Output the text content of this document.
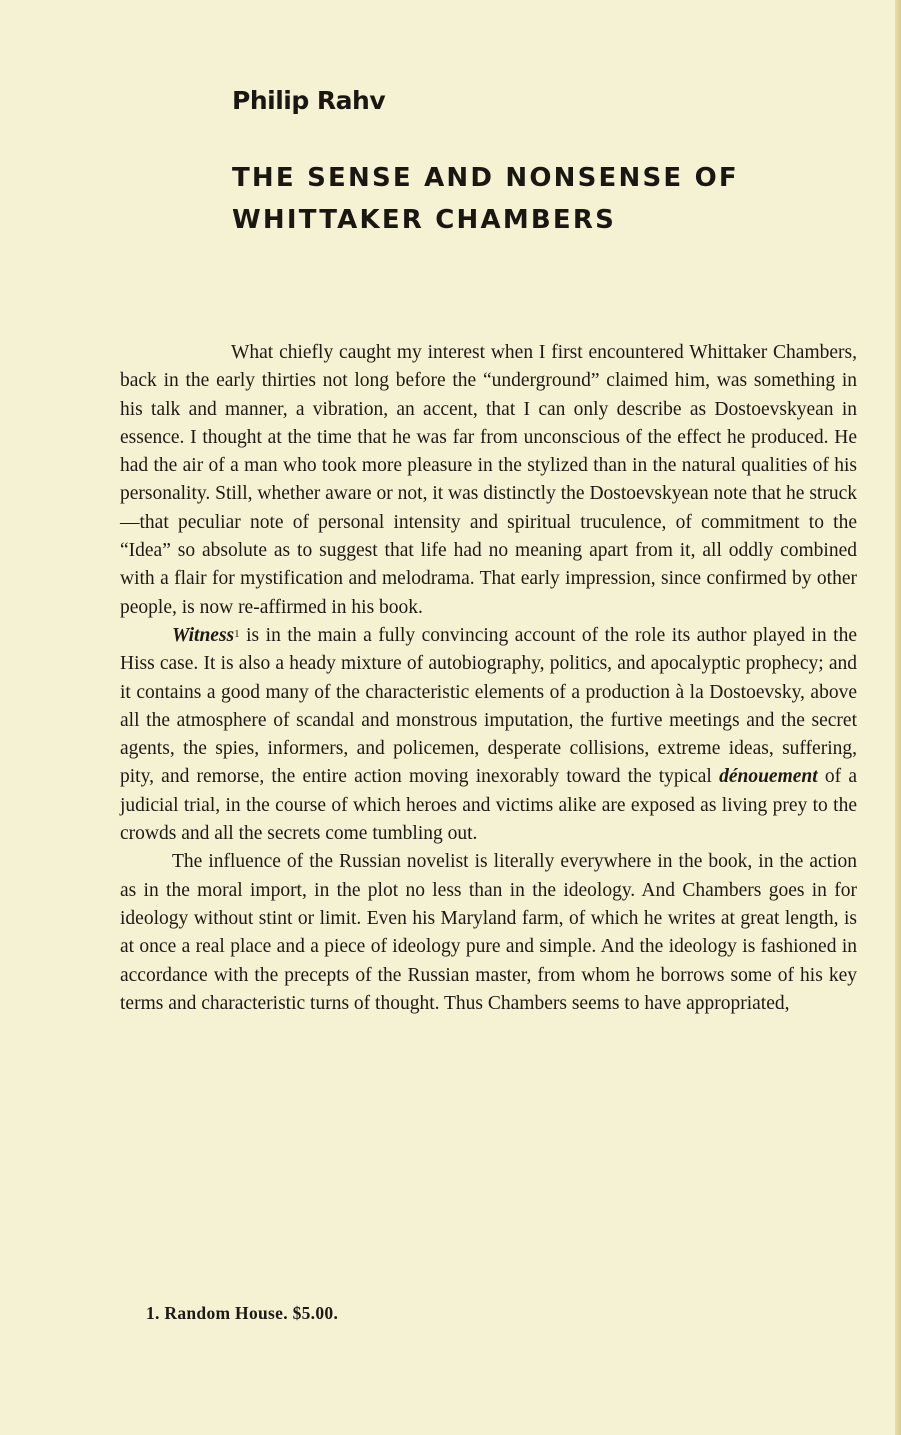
Philip Rahv
THE SENSE AND NONSENSE OF
WHITTAKER CHAMBERS

What chiefly caught my interest when I first encountered Whittaker Chambers, back in the early thirties not long before the “underground” claimed him, was something in his talk and manner, a vibration, an accent, that I can only describe as Dostoevskyean in essence. I thought at the time that he was far from unconscious of the effect he produced. He had the air of a man who took more pleasure in the stylized than in the natural qualities of his personality. Still, whether aware or not, it was distinctly the Dostoevskyean note that he struck—that peculiar note of personal intensity and spiritual truculence, of commitment to the “Idea” so absolute as to suggest that life had no meaning apart from it, all oddly combined with a flair for mystification and melodrama. That early impression, since confirmed by other people, is now re-affirmed in his book.

Witness$^1$ is in the main a fully convincing account of the role its author played in the Hiss case. It is also a heady mixture of autobiography, politics, and apocalyptic prophecy; and it contains a good many of the characteristic elements of a production à la Dostoevsky, above all the atmosphere of scandal and monstrous imputation, the furtive meetings and the secret agents, the spies, informers, and policemen, desperate collisions, extreme ideas, suffering, pity, and remorse, the entire action moving inexorably toward the typical dénouement of a judicial trial, in the course of which heroes and victims alike are exposed as living prey to the crowds and all the secrets come tumbling out.

The influence of the Russian novelist is literally everywhere in the book, in the action as in the moral import, in the plot no less than in the ideology. And Chambers goes in for ideology without stint or limit. Even his Maryland farm, of which he writes at great length, is at once a real place and a piece of ideology pure and simple. And the ideology is fashioned in accordance with the precepts of the Russian master, from whom he borrows some of his key terms and characteristic turns of thought. Thus Chambers seems to have appropriated,

1. Random House. $5.00.
